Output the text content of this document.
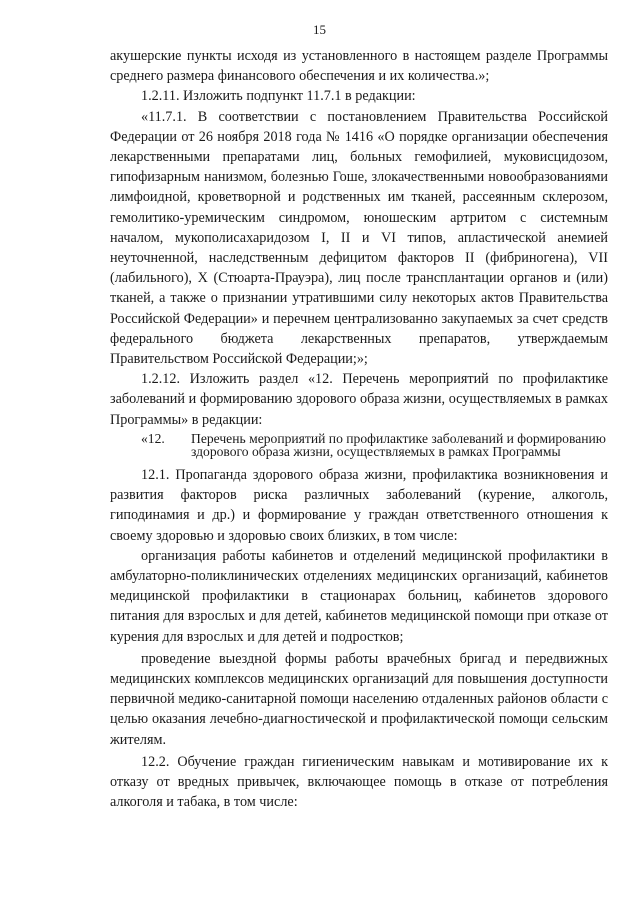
15

акушерские пункты исходя из установленного в настоящем разделе Программы среднего размера финансового обеспечения и их количества.»;

1.2.11. Изложить подпункт 11.7.1 в редакции:

«11.7.1. В соответствии с постановлением Правительства Российской Федерации от 26 ноября 2018 года № 1416 «О порядке организации обеспечения лекарственными препаратами лиц, больных гемофилией, муковисцидозом, гипофизарным нанизмом, болезнью Гоше, злокачественными новообразованиями лимфоидной, кроветворной и родственных им тканей, рассеянным склерозом, гемолитико-уремическим синдромом, юношеским артритом с системным началом, мукополисахаридозом I, II и VI типов, апластической анемией неуточненной, наследственным дефицитом факторов II (фибриногена), VII (лабильного), X (Стюарта-Прауэра), лиц после трансплантации органов и (или) тканей, а также о признании утратившими силу некоторых актов Правительства Российской Федерации» и перечнем централизованно закупаемых за счет средств федерального бюджета лекарственных препаратов, утверждаемым Правительством Российской Федерации;»;

1.2.12. Изложить раздел «12. Перечень мероприятий по профилактике заболеваний и формированию здорового образа жизни, осуществляемых в рамках Программы» в редакции:

«12.	Перечень мероприятий по профилактике заболеваний и формированию здорового образа жизни, осуществляемых в рамках Программы

12.1. Пропаганда здорового образа жизни, профилактика возникновения и развития факторов риска различных заболеваний (курение, алкоголь, гиподинамия и др.) и формирование у граждан ответственного отношения к своему здоровью и здоровью своих близких, в том числе:

организация работы кабинетов и отделений медицинской профилактики в амбулаторно-поликлинических отделениях медицинских организаций, кабинетов медицинской профилактики в стационарах больниц, кабинетов здорового питания для взрослых и для детей, кабинетов медицинской помощи при отказе от курения для взрослых и для детей и подростков;

проведение выездной формы работы врачебных бригад и передвижных медицинских комплексов медицинских организаций для повышения доступности первичной медико-санитарной помощи населению отдаленных районов области с целью оказания лечебно-диагностической и профилактической помощи сельским жителям.

12.2. Обучение граждан гигиеническим навыкам и мотивирование их к отказу от вредных привычек, включающее помощь в отказе от потребления алкоголя и табака, в том числе:
